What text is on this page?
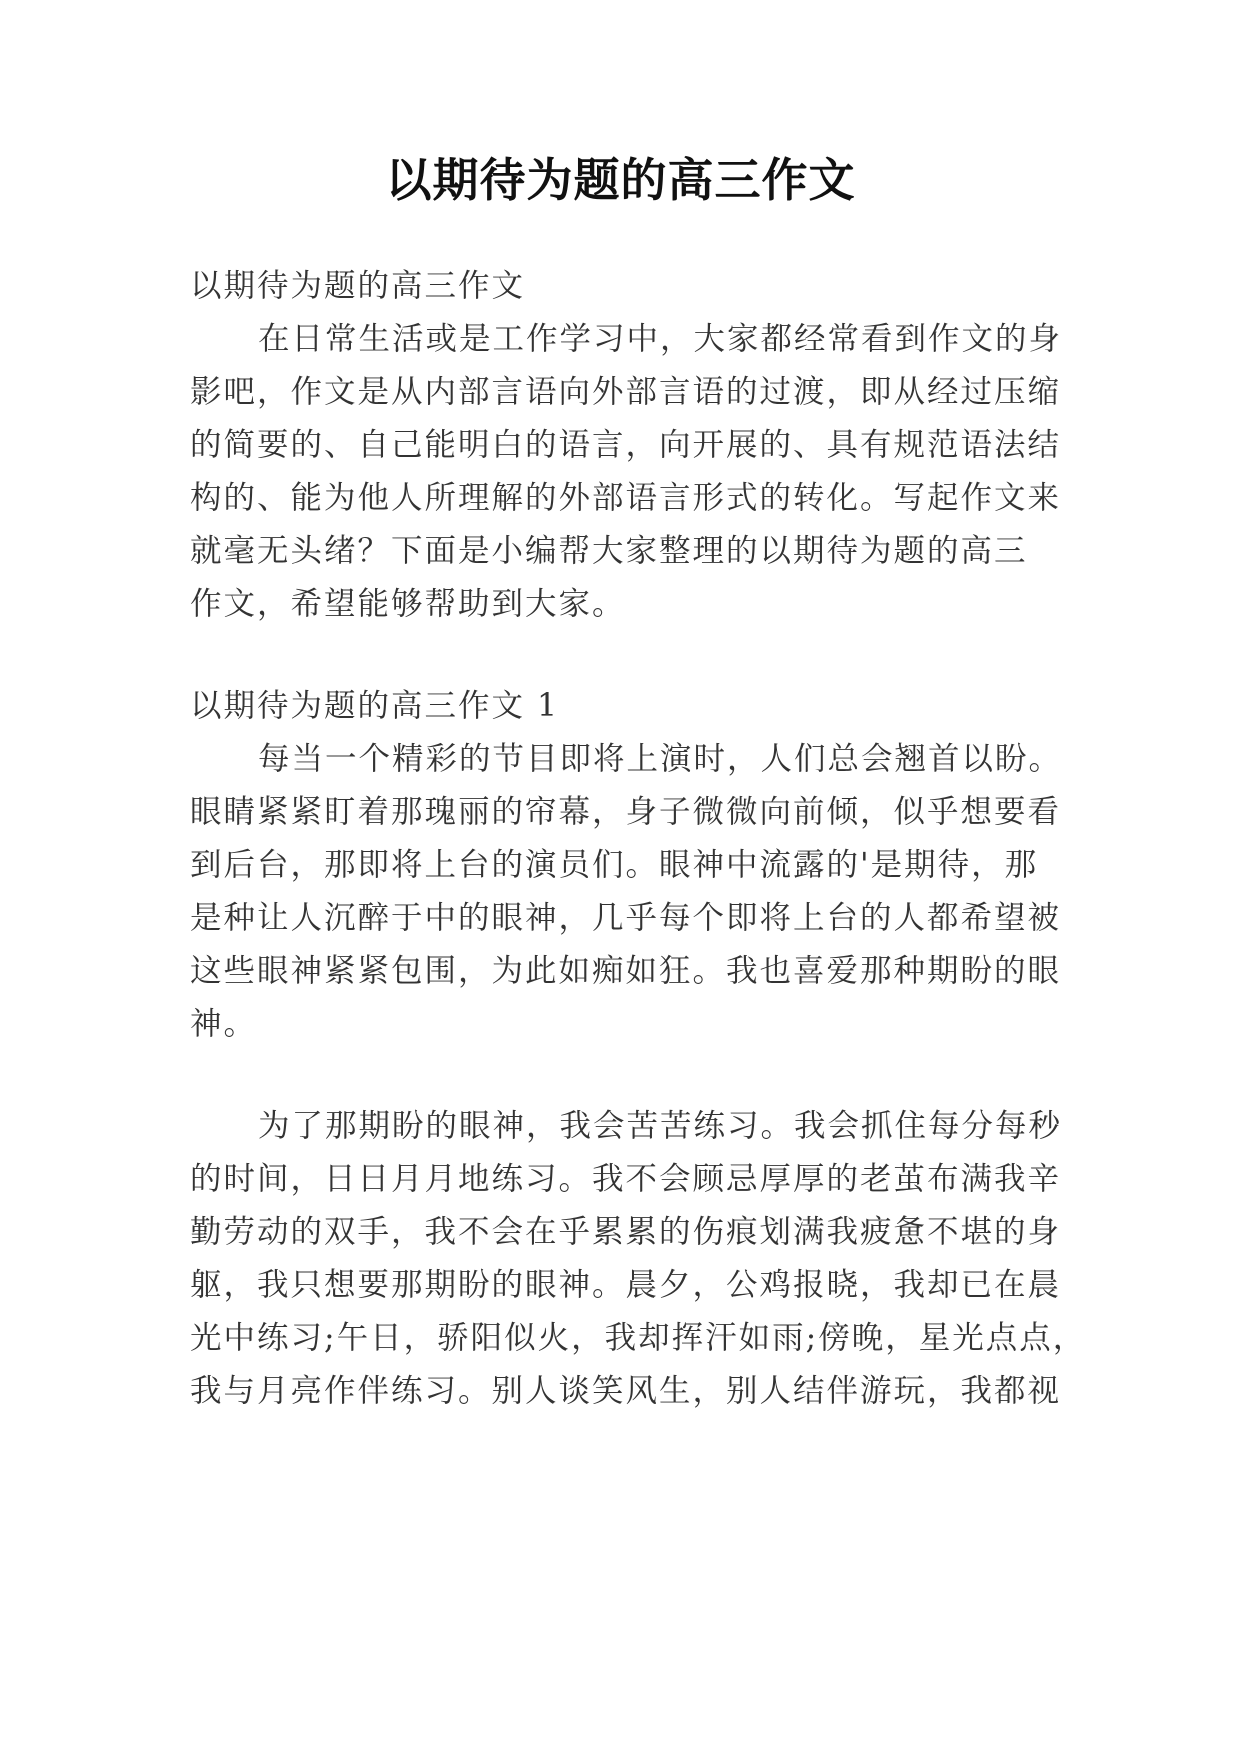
以期待为题的高三作文
以期待为题的高三作文
在日常生活或是工作学习中，大家都经常看到作文的身
影吧，作文是从内部言语向外部言语的过渡，即从经过压缩
的简要的、自己能明白的语言，向开展的、具有规范语法结
构的、能为他人所理解的外部语言形式的转化。写起作文来
就毫无头绪？下面是小编帮大家整理的以期待为题的高三
作文，希望能够帮助到大家。
以期待为题的高三作文 1
每当一个精彩的节目即将上演时，人们总会翘首以盼。
眼睛紧紧盯着那瑰丽的帘幕，身子微微向前倾，似乎想要看
到后台，那即将上台的演员们。眼神中流露的'是期待，那
是种让人沉醉于中的眼神，几乎每个即将上台的人都希望被
这些眼神紧紧包围，为此如痴如狂。我也喜爱那种期盼的眼
神。
为了那期盼的眼神，我会苦苦练习。我会抓住每分每秒
的时间，日日月月地练习。我不会顾忌厚厚的老茧布满我辛
勤劳动的双手，我不会在乎累累的伤痕划满我疲惫不堪的身
躯，我只想要那期盼的眼神。晨夕，公鸡报晓，我却已在晨
光中练习;午日，骄阳似火，我却挥汗如雨;傍晚，星光点点，
我与月亮作伴练习。别人谈笑风生，别人结伴游玩，我都视
